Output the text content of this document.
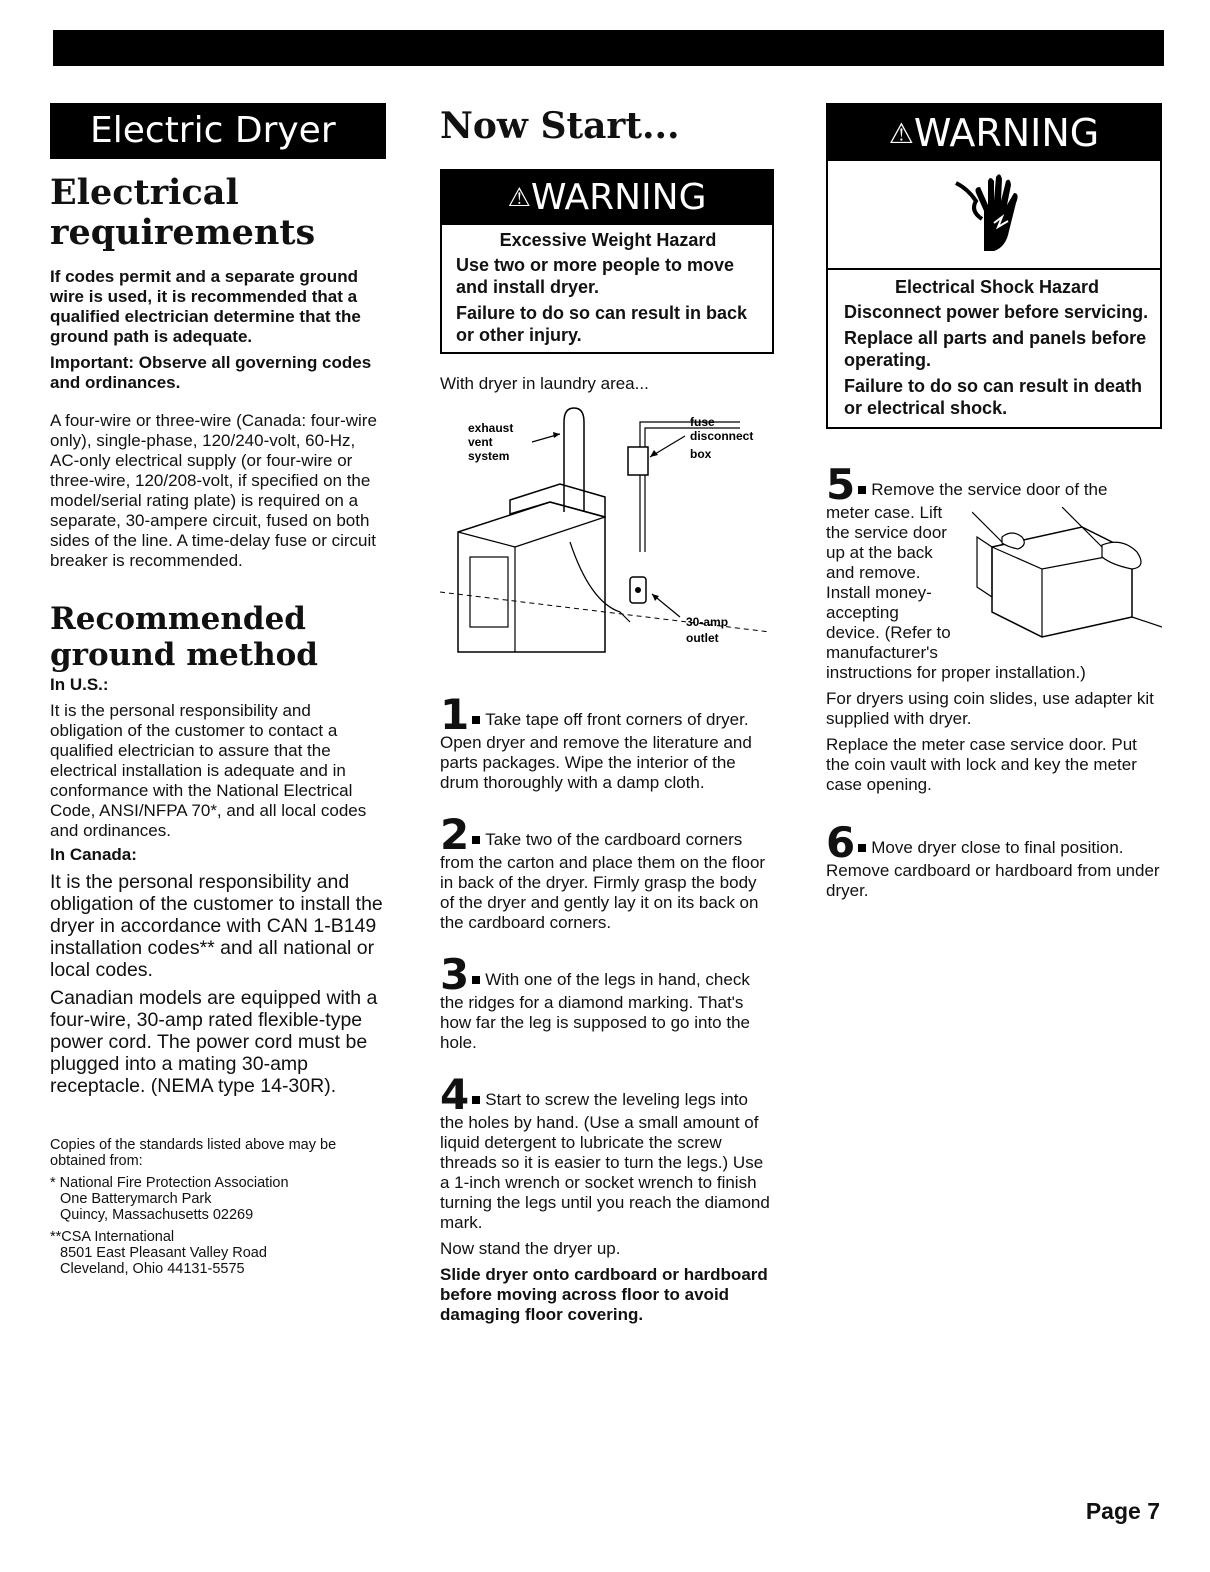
Electric Dryer
Electrical
requirements

If codes permit and a separate ground wire is used, it is recommended that a qualified electrician determine that the ground path is adequate.

Important: Observe all governing codes and ordinances.

A four-wire or three-wire (Canada: four-wire only), single-phase, 120/240-volt, 60-Hz, AC-only electrical supply (or four-wire or three-wire, 120/208-volt, if specified on the model/serial rating plate) is required on a separate, 30-ampere circuit, fused on both sides of the line. A time-delay fuse or circuit breaker is recommended.

Recommended
ground method

In U.S.:

It is the personal responsibility and obligation of the customer to contact a qualified electrician to assure that the electrical installation is adequate and in conformance with the National Electrical Code, ANSI/NFPA 70*, and all local codes and ordinances.

In Canada:

It is the personal responsibility and obligation of the customer to install the dryer in accordance with CAN 1-B149 installation codes** and all national or local codes.

Canadian models are equipped with a four-wire, 30-amp rated flexible-type power cord. The power cord must be plugged into a mating 30-amp receptacle. (NEMA type 14-30R).

Copies of the standards listed above may be obtained from:

* National Fire Protection Association
One Batterymarch Park
Quincy, Massachusetts 02269
**CSA International
8501 East Pleasant Valley Road
Cleveland, Ohio 44131-5575
Now Start...
⚠WARNING

Excessive Weight Hazard

Use two or more people to move and install dryer.

Failure to do so can result in back or other injury.

With dryer in laundry area...

exhaust
vent
system
fuse
disconnect
box
30-amp
outlet

1 Take tape off front corners of dryer. Open dryer and remove the literature and parts packages. Wipe the interior of the drum thoroughly with a damp cloth.

2 Take two of the cardboard corners from the carton and place them on the floor in back of the dryer. Firmly grasp the body of the dryer and gently lay it on its back on the cardboard corners.

3 With one of the legs in hand, check the ridges for a diamond marking. That's how far the leg is supposed to go into the hole.

4 Start to screw the leveling legs into the holes by hand. (Use a small amount of liquid detergent to lubricate the screw threads so it is easier to turn the legs.) Use a 1-inch wrench or socket wrench to finish turning the legs until you reach the diamond mark.

Now stand the dryer up.

Slide dryer onto cardboard or hardboard before moving across floor to avoid damaging floor covering.

⚠WARNING

Electrical Shock Hazard

Disconnect power before servicing.

Replace all parts and panels before operating.

Failure to do so can result in death or electrical shock.

5 Remove the service door of the
meter case. Lift
the service door
up at the back
and remove.
Install money-
accepting
device. (Refer to
manufacturer's
instructions for proper installation.)

For dryers using coin slides, use adapter kit supplied with dryer.

Replace the meter case service door. Put the coin vault with lock and key the meter case opening.

6 Move dryer close to final position. Remove cardboard or hardboard from under dryer.

Page 7
